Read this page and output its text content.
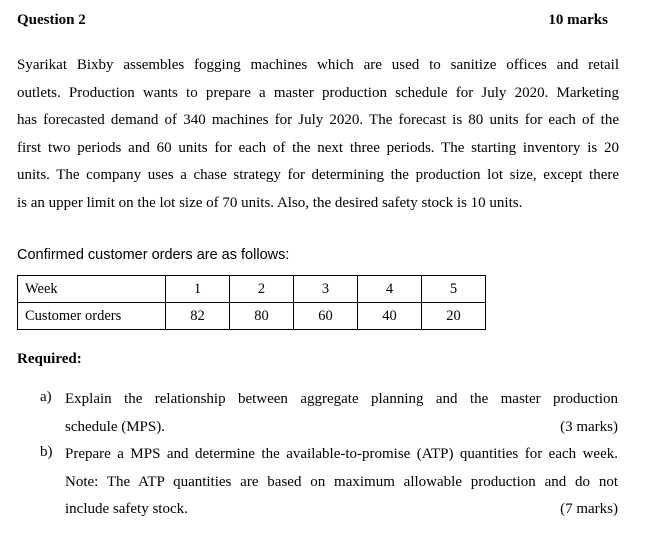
Question 2	10 marks
Syarikat Bixby assembles fogging machines which are used to sanitize offices and retail
outlets. Production wants to prepare a master production schedule for July 2020. Marketing
has forecasted demand of 340 machines for July 2020. The forecast is 80 units for each of the
first two periods and 60 units for each of the next three periods. The starting inventory is 20
units. The company uses a chase strategy for determining the production lot size, except there
is an upper limit on the lot size of 70 units. Also, the desired safety stock is 10 units.
Confirmed customer orders are as follows:
Week	1	2	3	4	5
Customer orders	82	80	60	40	20
Required:
a) Explain the relationship between aggregate planning and the master production
schedule (MPS).	(3 marks)
b) Prepare a MPS and determine the available-to-promise (ATP) quantities for each week.
Note: The ATP quantities are based on maximum allowable production and do not
include safety stock.	(7 marks)
